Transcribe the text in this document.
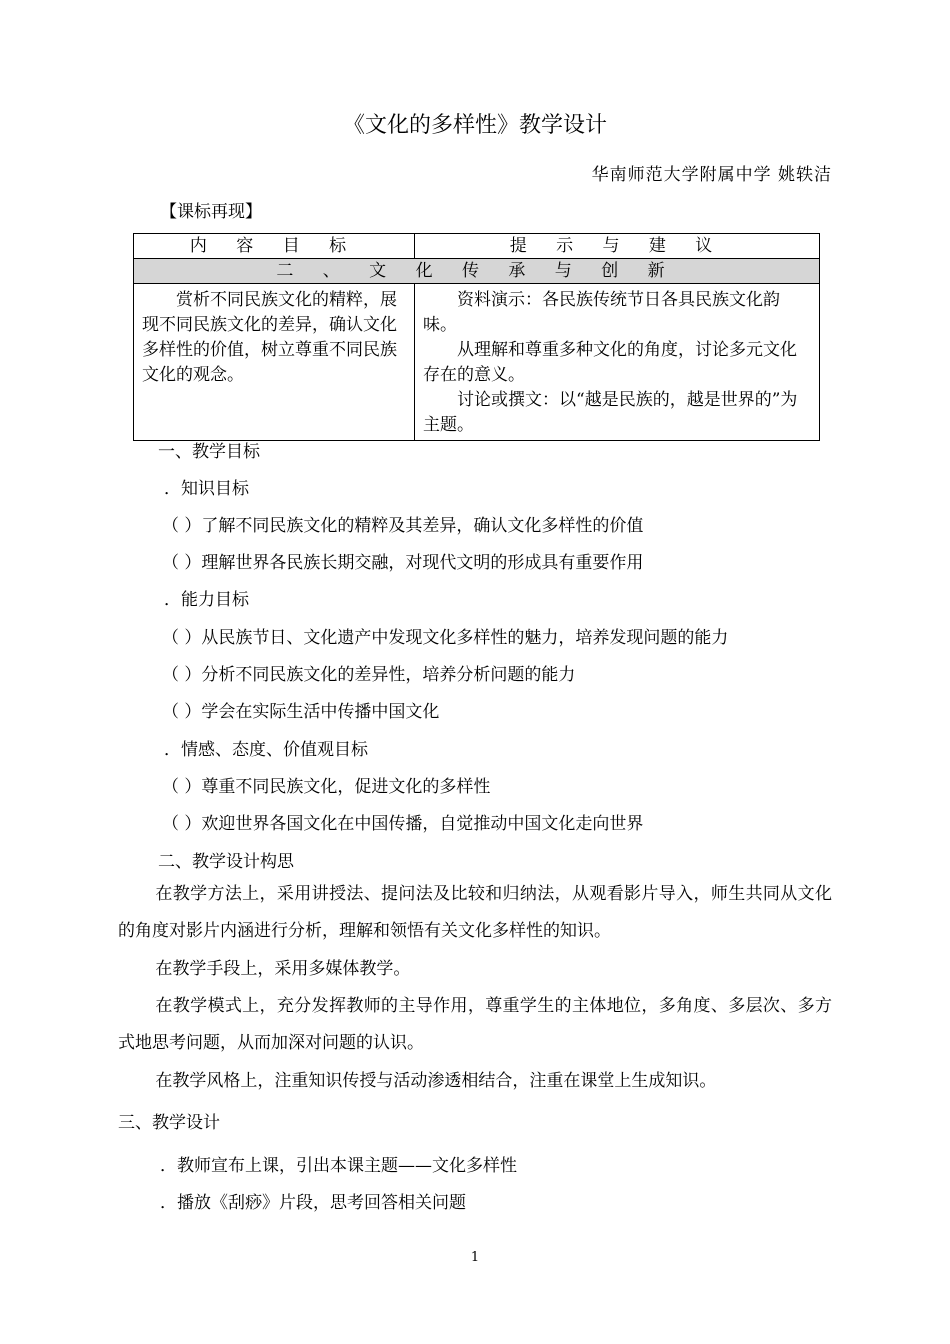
《文化的多样性》教学设计
华南师范大学附属中学 姚轶洁
【课标再现】
内 容 目 标	提 示 与 建 议
二 、 文 化 传 承 与 创 新	

赏析不同民族文化的精粹，展现不同民族文化的差异，确认文化多样性的价值，树立尊重不同民族文化的观念。	资料演示：各民族传统节日各具民族文化韵味。

从理解和尊重多种文化的角度，讨论多元文化存在的意义。

讨论或撰文：以“越是民族的，越是世界的”为主题。

一、教学目标
．知识目标
（ ）了解不同民族文化的精粹及其差异，确认文化多样性的价值
（ ）理解世界各民族长期交融，对现代文明的形成具有重要作用
．能力目标
（ ）从民族节日、文化遗产中发现文化多样性的魅力，培养发现问题的能力
（ ）分析不同民族文化的差异性，培养分析问题的能力
（ ）学会在实际生活中传播中国文化
．情感、态度、价值观目标
（ ）尊重不同民族文化，促进文化的多样性
（ ）欢迎世界各国文化在中国传播，自觉推动中国文化走向世界
二、教学设计构思
在教学方法上，采用讲授法、提问法及比较和归纳法，从观看影片导入，师生共同从文化的角度对影片内涵进行分析，理解和领悟有关文化多样性的知识。
在教学手段上，采用多媒体教学。
在教学模式上，充分发挥教师的主导作用，尊重学生的主体地位，多角度、多层次、多方式地思考问题，从而加深对问题的认识。
在教学风格上，注重知识传授与活动渗透相结合，注重在课堂上生成知识。
三、教学设计
．教师宣布上课，引出本课主题——文化多样性
．播放《刮痧》片段，思考回答相关问题
1
